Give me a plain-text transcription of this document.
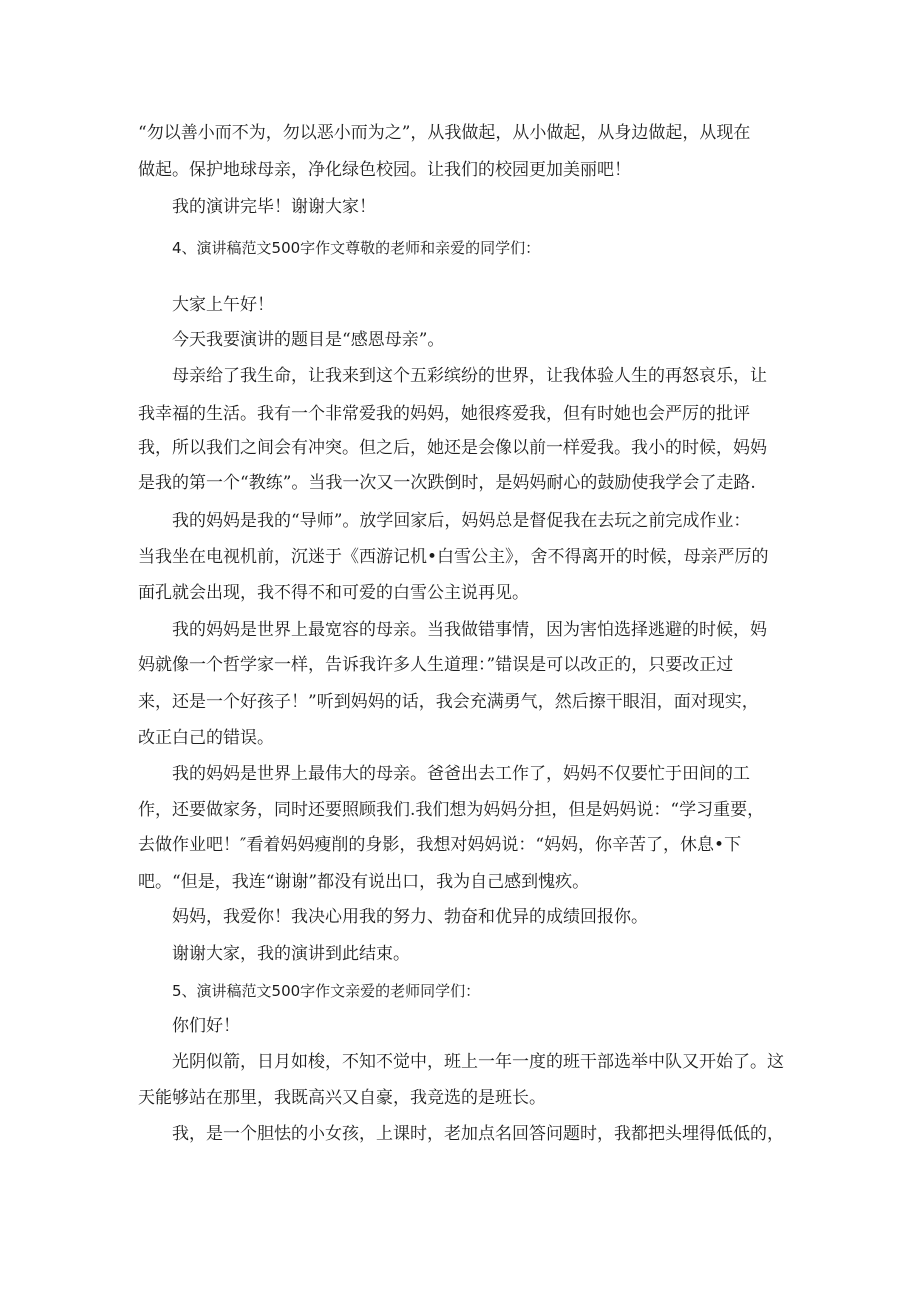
“勿以善小而不为，勿以恶小而为之”，从我做起，从小做起，从身边做起，从现在
做起。保护地球母亲，净化绿色校园。让我们的校园更加美丽吧！
我的演讲完毕！谢谢大家！
4、演讲稿范文500字作文尊敬的老师和亲爱的同学们：
大家上午好！
今天我要演讲的题目是“感恩母亲”。
母亲给了我生命，让我来到这个五彩缤纷的世界，让我体验人生的再怒哀乐，让
我幸福的生活。我有一个非常爱我的妈妈，她很疼爱我，但有时她也会严厉的批评
我，所以我们之间会有冲突。但之后，她还是会像以前一样爱我。我小的时候，妈妈
是我的第一个“教练”。当我一次又一次跌倒时，是妈妈耐心的鼓励使我学会了走路.
我的妈妈是我的“导师”。放学回家后，妈妈总是督促我在去玩之前完成作业：
当我坐在电视机前，沉迷于《西游记机•白雪公主》，舍不得离开的时候，母亲严厉的
面孔就会出现，我不得不和可爱的白雪公主说再见。
我的妈妈是世界上最宽容的母亲。当我做错事情，因为害怕选择逃避的时候，妈
妈就像一个哲学家一样，告诉我许多人生道理：”错误是可以改正的，只要改正过
来，还是一个好孩子！”听到妈妈的话，我会充满勇气，然后擦干眼泪，面对现实，
改正白己的错误。
我的妈妈是世界上最伟大的母亲。爸爸出去工作了，妈妈不仅要忙于田间的工
作，还要做家务，同时还要照顾我们.我们想为妈妈分担，但是妈妈说：“学习重要，
去做作业吧！″看着妈妈瘦削的身影，我想对妈妈说：“妈妈，你辛苦了，休息•下
吧。“但是，我连“谢谢”都没有说出口，我为自己感到愧疚。
妈妈，我爱你！我决心用我的努力、勃奋和优异的成绩回报你。
谢谢大家，我的演讲到此结束。
5、演讲稿范文500字作文亲爱的老师同学们：
你们好！
光阴似箭，日月如梭，不知不觉中，班上一年一度的班干部选举中队又开始了。这
天能够站在那里，我既高兴又自豪，我竞选的是班长。
我，是一个胆怯的小女孩，上课时，老加点名回答问题时，我都把头埋得低低的，
